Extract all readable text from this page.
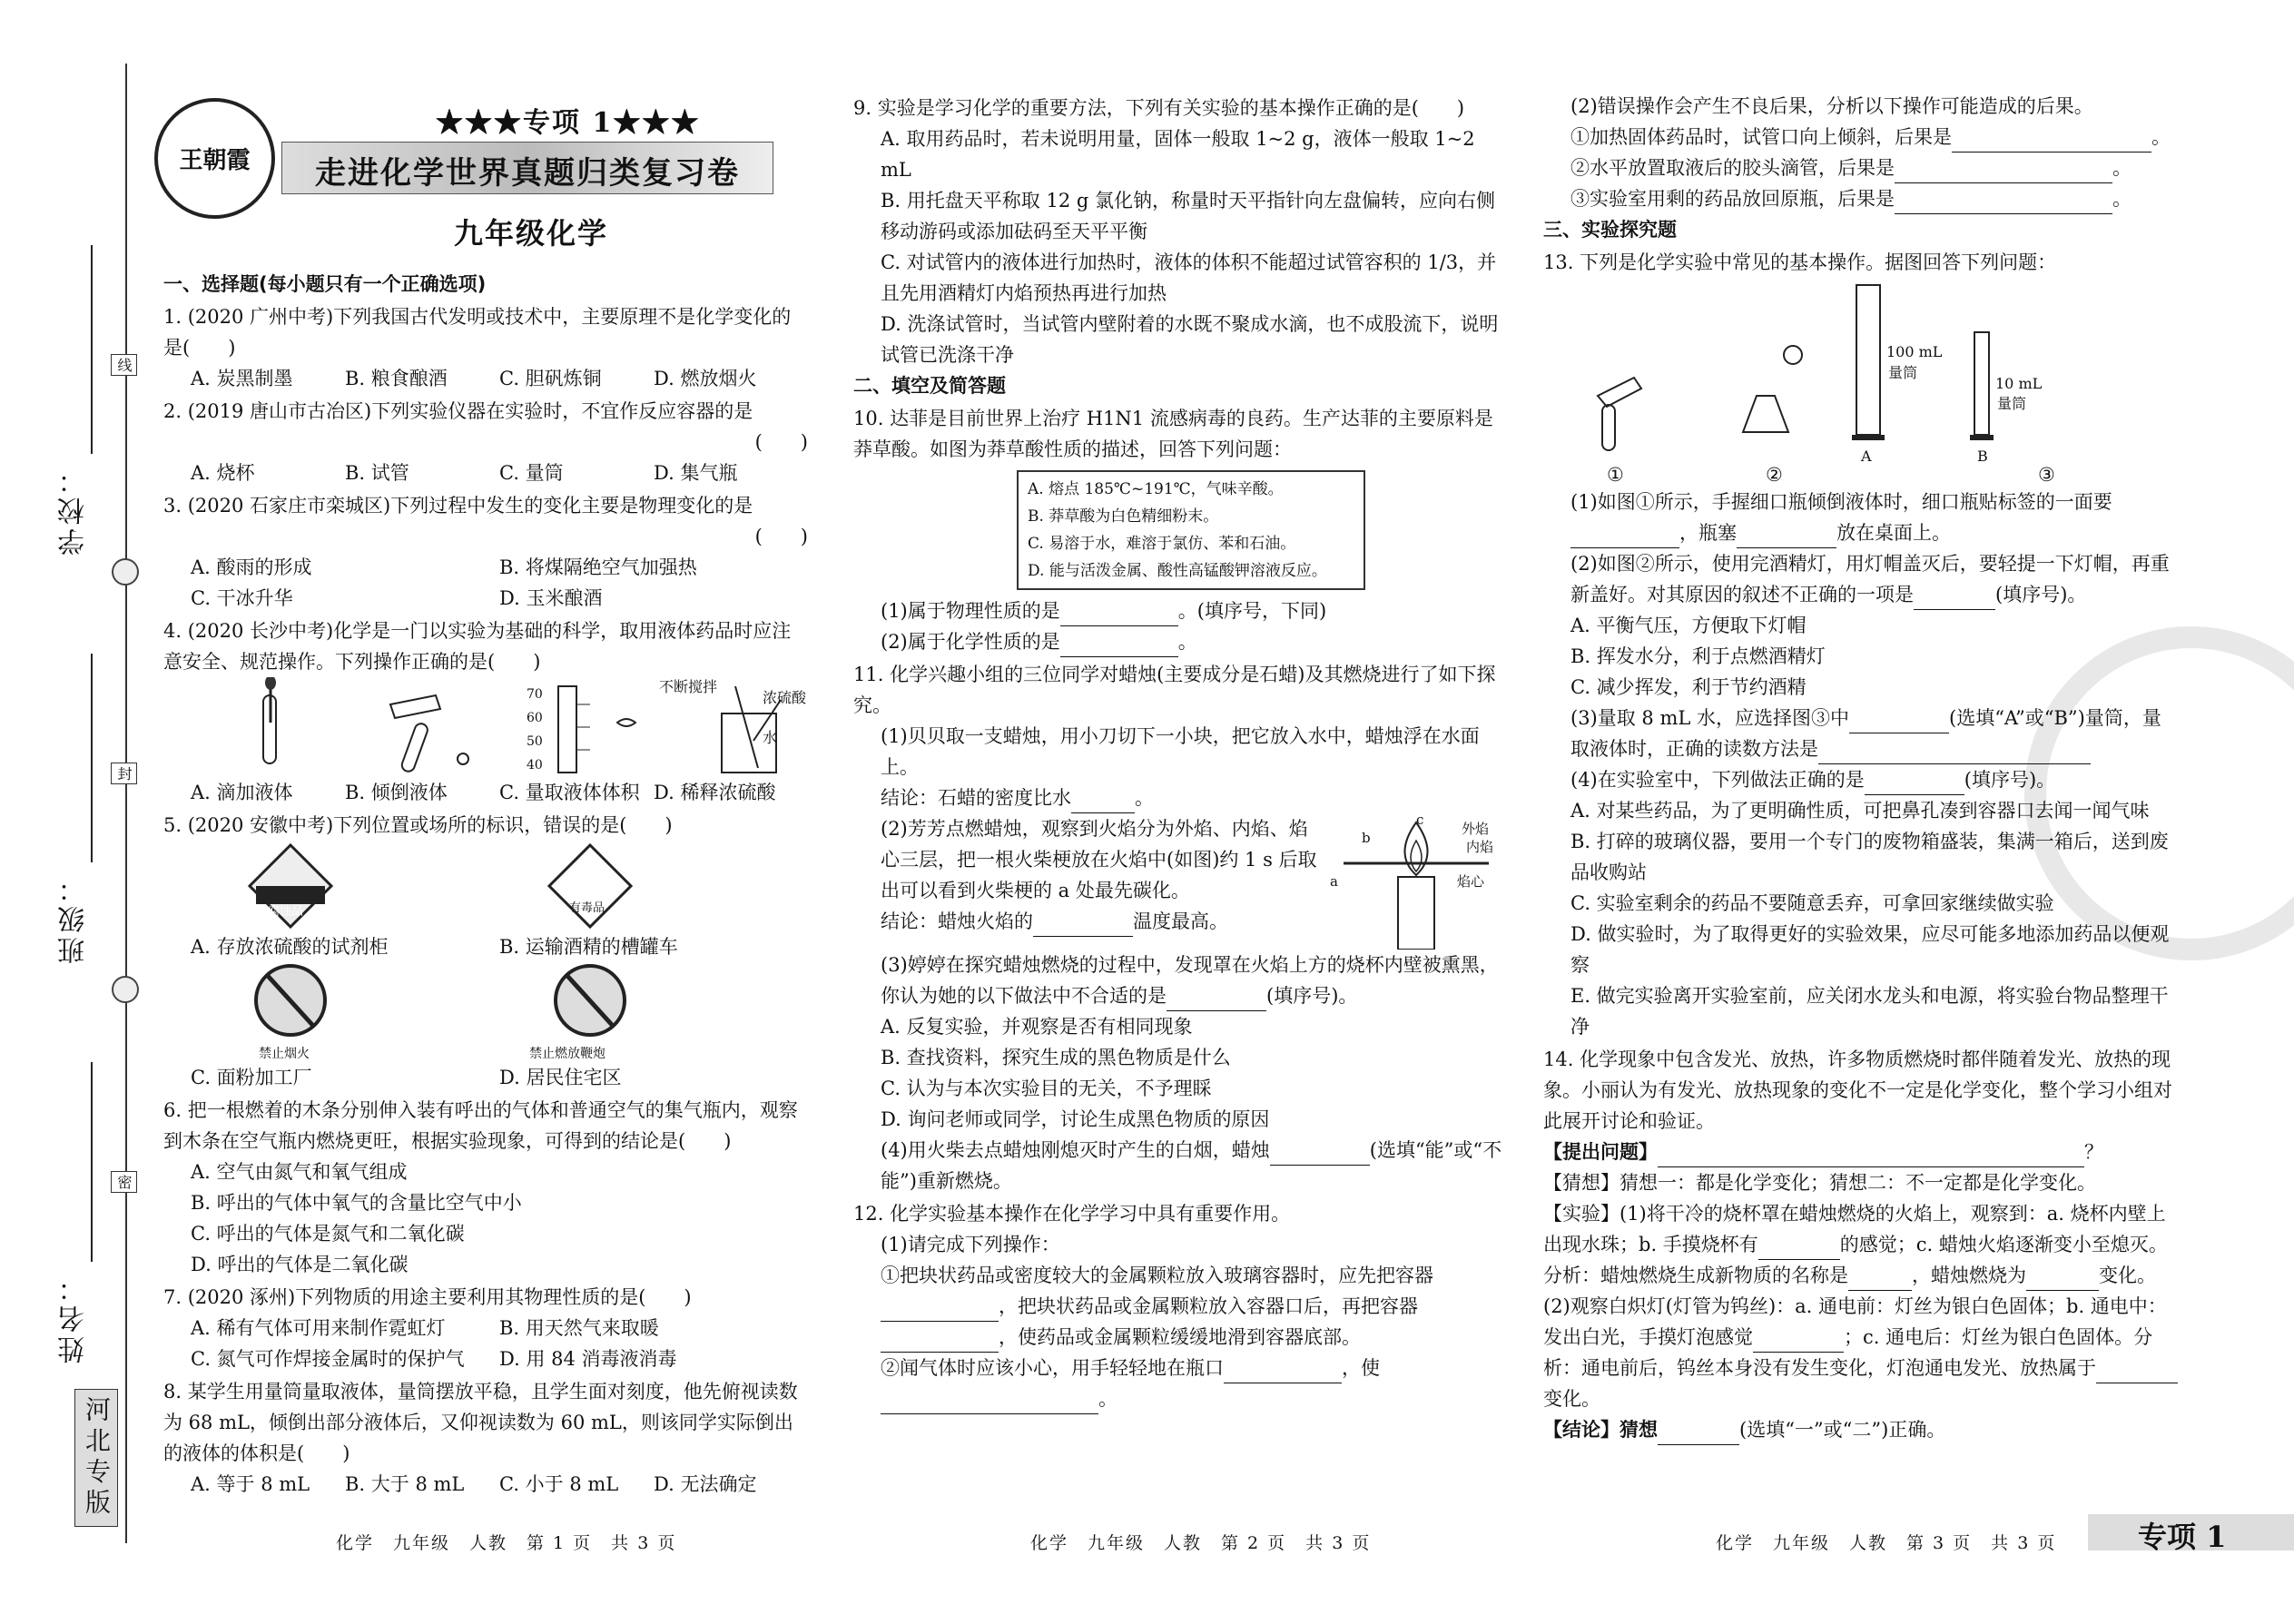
学校：
班级：
姓名：
线
封
密
河北专版
王朝霞
★★★专项 1★★★
走进化学世界真题归类复习卷
九年级化学

一、选择题(每小题只有一个正确选项)

1. (2020 广州中考)下列我国古代发明或技术中，主要原理不是化学变化的是(　　)

A. 炭黑制墨	B. 粮食酿酒	C. 胆矾炼铜	D. 燃放烟火

2. (2019 唐山市古冶区)下列实验仪器在实验时，不宜作反应容器的是

(　　)

A. 烧杯	B. 试管	C. 量筒	D. 集气瓶

3. (2020 石家庄市栾城区)下列过程中发生的变化主要是物理变化的是

(　　)

A. 酸雨的形成	B. 将煤隔绝空气加强热
C. 干冰升华	D. 玉米酿酒

4. (2020 长沙中考)化学是一门以实验为基础的科学，取用液体药品时应注意安全、规范操作。下列操作正确的是(　　)

不断搅拌
浓硫酸
水
70
60
50
40
A. 滴加液体	B. 倾倒液体	C. 量取液体体积 D. 稀释浓硫酸

5. (2020 安徽中考)下列位置或场所的标识，错误的是(　　)

腐蚀品	有毒品
A. 存放浓硫酸的试剂柜	B. 运输酒精的槽罐车
禁止烟火	禁止燃放鞭炮
C. 面粉加工厂	D. 居民住宅区

6. 把一根燃着的木条分别伸入装有呼出的气体和普通空气的集气瓶内，观察到木条在空气瓶内燃烧更旺，根据实验现象，可得到的结论是(　　)

A. 空气由氮气和氧气组成

B. 呼出的气体中氧气的含量比空气中小

C. 呼出的气体是氮气和二氧化碳

D. 呼出的气体是二氧化碳

7. (2020 涿州)下列物质的用途主要利用其物理性质的是(　　)

A. 稀有气体可用来制作霓虹灯	B. 用天然气来取暖
C. 氮气可作焊接金属时的保护气	D. 用 84 消毒液消毒

8. 某学生用量筒量取液体，量筒摆放平稳，且学生面对刻度，他先俯视读数为 68 mL，倾倒出部分液体后，又仰视读数为 60 mL，则该同学实际倒出的液体的体积是(　　)

A. 等于 8 mL	B. 大于 8 mL	C. 小于 8 mL	D. 无法确定
化学　九年级　人教　第 1 页　共 3 页

9. 实验是学习化学的重要方法，下列有关实验的基本操作正确的是(　　)

A. 取用药品时，若未说明用量，固体一般取 1~2 g，液体一般取 1~2 mL

B. 用托盘天平称取 12 g 氯化钠，称量时天平指针向左盘偏转，应向右侧移动游码或添加砝码至天平平衡

C. 对试管内的液体进行加热时，液体的体积不能超过试管容积的 1/3，并且先用酒精灯内焰预热再进行加热

D. 洗涤试管时，当试管内壁附着的水既不聚成水滴，也不成股流下，说明试管已洗涤干净

二、填空及简答题

10. 达菲是目前世界上治疗 H1N1 流感病毒的良药。生产达菲的主要原料是莽草酸。如图为莽草酸性质的描述，回答下列问题：

A. 熔点 185℃~191℃，气味辛酸。
B. 莽草酸为白色精细粉末。
C. 易溶于水，难溶于氯仿、苯和石油。
D. 能与活泼金属、酸性高锰酸钾溶液反应。

(1)属于物理性质的是	。(填序号，下同)

(2)属于化学性质的是	。

11. 化学兴趣小组的三位同学对蜡烛(主要成分是石蜡)及其燃烧进行了如下探究。

(1)贝贝取一支蜡烛，用小刀切下一小块，把它放入水中，蜡烛浮在水面上。

结论：石蜡的密度比水	。

(2)芳芳点燃蜡烛，观察到火焰分为外焰、内焰、焰心三层，把一根火柴梗放在火焰中(如图)约 1 s 后取出可以看到火柴梗的 a 处最先碳化。

结论：蜡烛火焰的	温度最高。

外焰
内焰
焰心
a
b
c

(3)婷婷在探究蜡烛燃烧的过程中，发现罩在火焰上方的烧杯内壁被熏黑，你认为她的以下做法中不合适的是	(填序号)。

A. 反复实验，并观察是否有相同现象

B. 查找资料，探究生成的黑色物质是什么

C. 认为与本次实验目的无关，不予理睬

D. 询问老师或同学，讨论生成黑色物质的原因

(4)用火柴去点蜡烛刚熄灭时产生的白烟，蜡烛	(选填“能”或“不能”)重新燃烧。

12. 化学实验基本操作在化学学习中具有重要作用。

(1)请完成下列操作：

①把块状药品或密度较大的金属颗粒放入玻璃容器时，应先把容器，把块状药品或金属颗粒放入容器口后，再把容器，使药品或金属颗粒缓缓地滑到容器底部。

②闻气体时应该小心，用手轻轻地在瓶口	，使。

化学　九年级　人教　第 2 页　共 3 页

(2)错误操作会产生不良后果，分析以下操作可能造成的后果。

①加热固体药品时，试管口向上倾斜，后果是	。

②水平放置取液后的胶头滴管，后果是	。

③实验室用剩的药品放回原瓶，后果是	。

三、实验探究题

13. 下列是化学实验中常见的基本操作。据图回答下列问题：

①	②	③
100 mL
量筒
10 mL
量筒
A	B

(1)如图①所示，手握细口瓶倾倒液体时，细口瓶贴标签的一面要，瓶塞	放在桌面上。

(2)如图②所示，使用完酒精灯，用灯帽盖灭后，要轻提一下灯帽，再重新盖好。对其原因的叙述不正确的一项是	(填序号)。

A. 平衡气压，方便取下灯帽

B. 挥发水分，利于点燃酒精灯

C. 减少挥发，利于节约酒精

(3)量取 8 mL 水，应选择图③中	(选填“A”或“B”)量筒，量取液体时，正确的读数方法是

(4)在实验室中，下列做法正确的是	(填序号)。

A. 对某些药品，为了更明确性质，可把鼻孔凑到容器口去闻一闻气味

B. 打碎的玻璃仪器，要用一个专门的废物箱盛装，集满一箱后，送到废品收购站

C. 实验室剩余的药品不要随意丢弃，可拿回家继续做实验

D. 做实验时，为了取得更好的实验效果，应尽可能多地添加药品以便观察

E. 做完实验离开实验室前，应关闭水龙头和电源，将实验台物品整理干净

14. 化学现象中包含发光、放热，许多物质燃烧时都伴随着发光、放热的现象。小丽认为有发光、放热现象的变化不一定是化学变化，整个学习小组对此展开讨论和验证。

【提出问题】	？

【猜想】猜想一：都是化学变化；猜想二：不一定都是化学变化。

【实验】(1)将干冷的烧杯罩在蜡烛燃烧的火焰上，观察到：a. 烧杯内壁上出现水珠；b. 手摸烧杯有	的感觉；c. 蜡烛火焰逐渐变小至熄灭。分析：蜡烛燃烧生成新物质的名称是	，蜡烛燃烧为	变化。

(2)观察白炽灯(灯管为钨丝)：a. 通电前：灯丝为银白色固体；b. 通电中：发出白光，手摸灯泡感觉	；c. 通电后：灯丝为银白色固体。分析：通电前后，钨丝本身没有发生变化，灯泡通电发光、放热属于变化。

【结论】猜想	(选填“一”或“二”)正确。

化学　九年级　人教　第 3 页　共 3 页	专项 1
